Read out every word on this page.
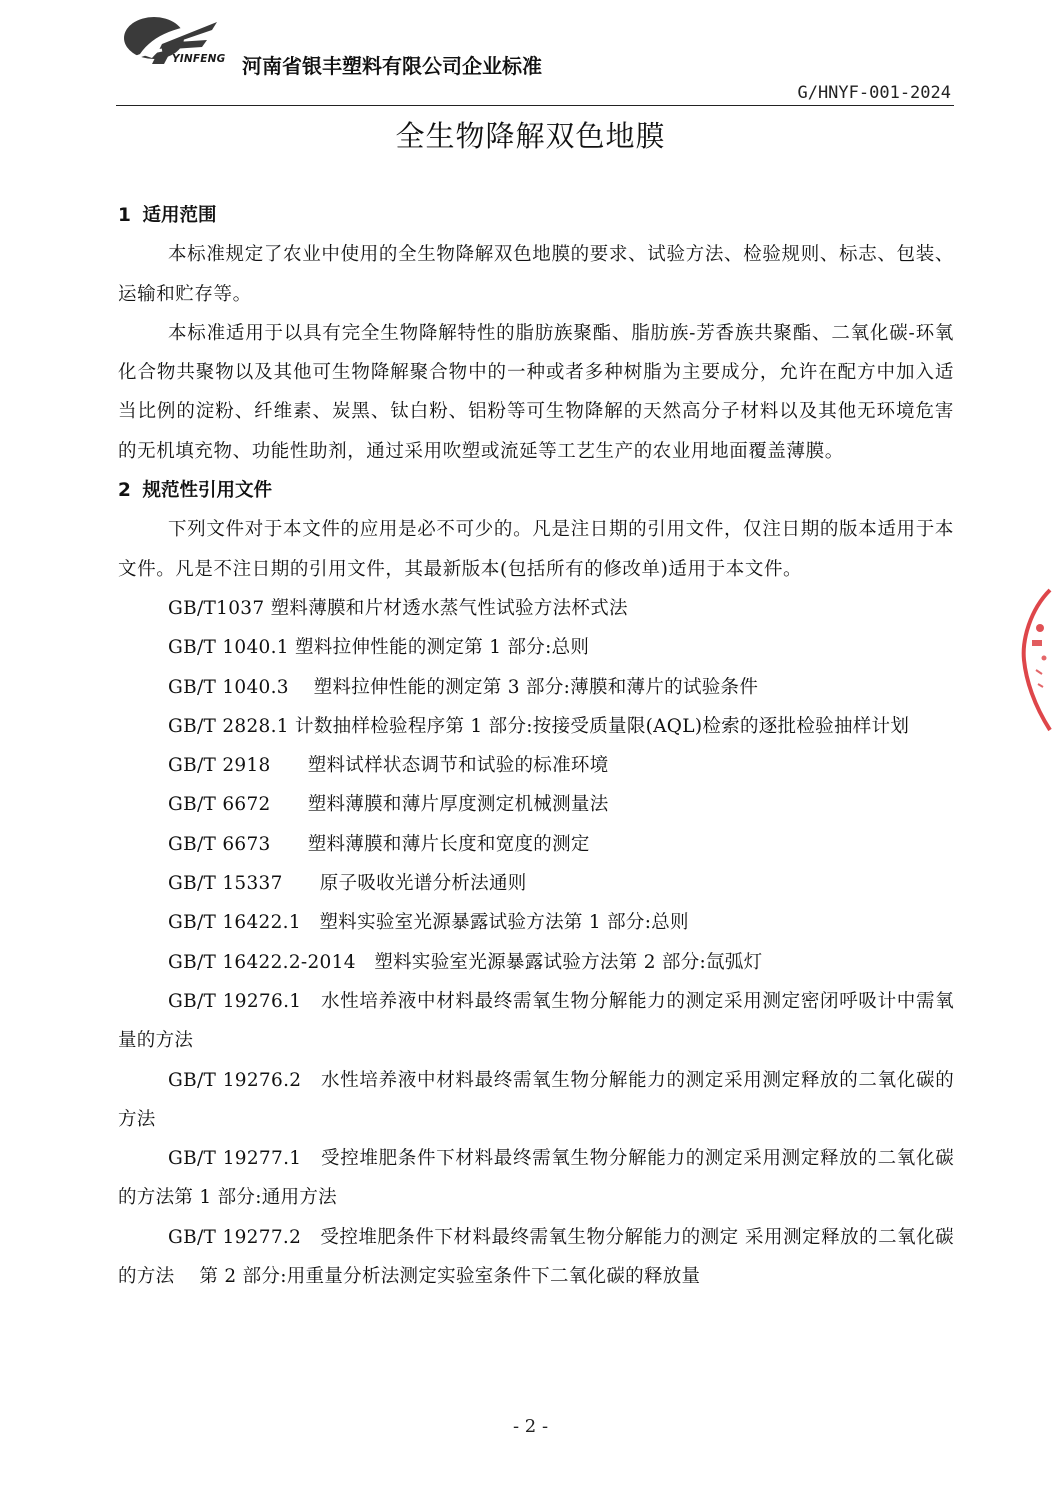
YINFENG 河南省银丰塑料有限公司企业标准
G/HNYF-001-2024
全生物降解双色地膜
1 适用范围

本标准规定了农业中使用的全生物降解双色地膜的要求、试验方法、检验规则、标志、包装、运输和贮存等。

本标准适用于以具有完全生物降解特性的脂肪族聚酯、脂肪族-芳香族共聚酯、二氧化碳-环氧化合物共聚物以及其他可生物降解聚合物中的一种或者多种树脂为主要成分，允许在配方中加入适当比例的淀粉、纤维素、炭黑、钛白粉、铝粉等可生物降解的天然高分子材料以及其他无环境危害的无机填充物、功能性助剂，通过采用吹塑或流延等工艺生产的农业用地面覆盖薄膜。

2 规范性引用文件

下列文件对于本文件的应用是必不可少的。凡是注日期的引用文件，仅注日期的版本适用于本文件。凡是不注日期的引用文件，其最新版本(包括所有的修改单)适用于本文件。

GB/T1037 塑料薄膜和片材透水蒸气性试验方法杯式法

GB/T 1040.1 塑料拉伸性能的测定第 1 部分:总则

GB/T 1040.3    塑料拉伸性能的测定第 3 部分:薄膜和薄片的试验条件

GB/T 2828.1 计数抽样检验程序第 1 部分:按接受质量限(AQL)检索的逐批检验抽样计划

GB/T 2918      塑料试样状态调节和试验的标准环境

GB/T 6672      塑料薄膜和薄片厚度测定机械测量法

GB/T 6673      塑料薄膜和薄片长度和宽度的测定

GB/T 15337      原子吸收光谱分析法通则

GB/T 16422.1   塑料实验室光源暴露试验方法第 1 部分:总则

GB/T 16422.2-2014   塑料实验室光源暴露试验方法第 2 部分:氙弧灯

GB/T 19276.1   水性培养液中材料最终需氧生物分解能力的测定采用测定密闭呼吸计中需氧量的方法

GB/T 19276.2   水性培养液中材料最终需氧生物分解能力的测定采用测定释放的二氧化碳的方法

GB/T 19277.1   受控堆肥条件下材料最终需氧生物分解能力的测定采用测定释放的二氧化碳的方法第 1 部分:通用方法

GB/T 19277.2   受控堆肥条件下材料最终需氧生物分解能力的测定 采用测定释放的二氧化碳的方法　 第 2 部分:用重量分析法测定实验室条件下二氧化碳的释放量

- 2 -
